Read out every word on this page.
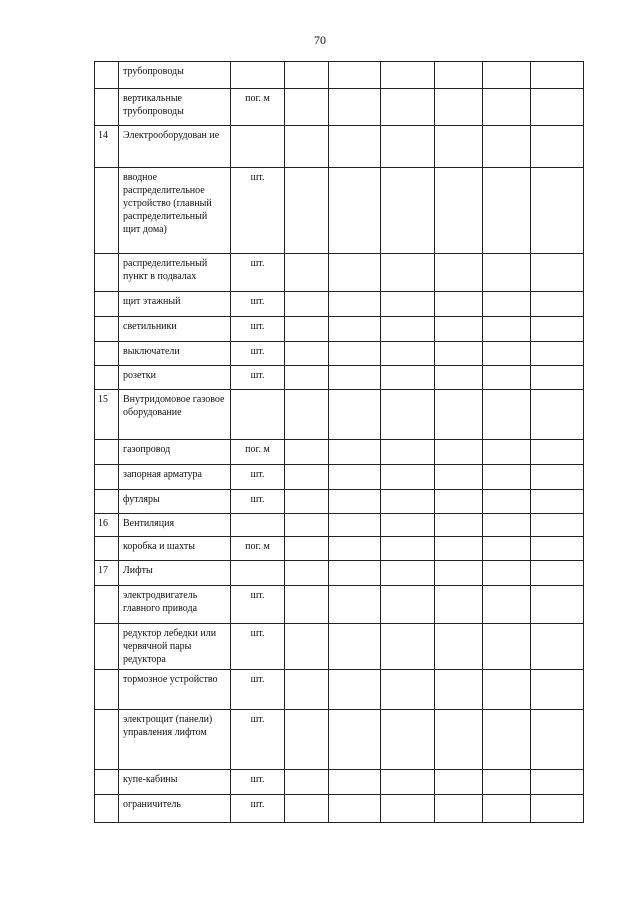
70
	трубопроводы							
	вертикальные трубопроводы	пог. м						
14	Электрооборудован ие							
	вводное распределительное устройство (главный распределительный щит дома)	шт.						
	распределительный пункт в подвалах	шт.						
	щит этажный	шт.						
	светильники	шт.						
	выключатели	шт.						
	розетки	шт.						
15	Внутридомовое газовое оборудование							
	газопровод	пог. м						
	запорная арматура	шт.						
	футляры	шт.						
16	Вентиляция							
	коробка и шахты	пог. м						
17	Лифты							
	электродвигатель главного привода	шт.						
	редуктор лебедки или червячной пары редуктора	шт.						
	тормозное устройство	шт.						
	электрощит (панели) управления лифтом	шт.						
	купе-кабины	шт.						
	ограничитель	шт.						
